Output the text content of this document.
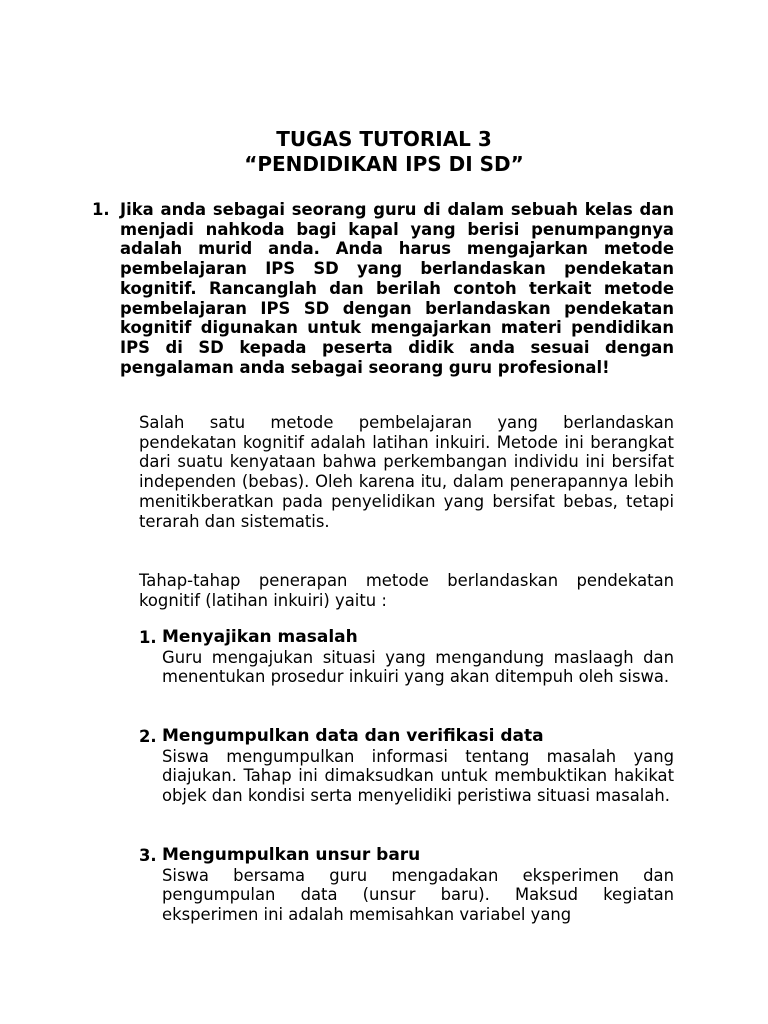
TUGAS TUTORIAL 3
“PENDIDIKAN IPS DI SD”
1. Jika anda sebagai seorang guru di dalam sebuah kelas dan menjadi nahkoda bagi kapal yang berisi penumpangnya adalah murid anda. Anda harus mengajarkan metode pembelajaran IPS SD yang berlandaskan pendekatan kognitif. Rancanglah dan berilah contoh terkait metode pembelajaran IPS SD dengan berlandaskan pendekatan kognitif digunakan untuk mengajarkan materi pendidikan IPS di SD kepada peserta didik anda sesuai dengan pengalaman anda sebagai seorang guru profesional!

Salah satu metode pembelajaran yang berlandaskan pendekatan kognitif adalah latihan inkuiri. Metode ini berangkat dari suatu kenyataan bahwa perkembangan individu ini bersifat independen (bebas). Oleh karena itu, dalam penerapannya lebih menitikberatkan pada penyelidikan yang bersifat bebas, tetapi terarah dan sistematis.

Tahap-tahap penerapan metode berlandaskan pendekatan kognitif (latihan inkuiri) yaitu :

1. Menyajikan masalah
Guru mengajukan situasi yang mengandung maslaagh dan menentukan prosedur inkuiri yang akan ditempuh oleh siswa.
2. Mengumpulkan data dan verifikasi data
Siswa mengumpulkan informasi tentang masalah yang diajukan. Tahap ini dimaksudkan untuk membuktikan hakikat objek dan kondisi serta menyelidiki peristiwa situasi masalah.
3. Mengumpulkan unsur baru
Siswa bersama guru mengadakan eksperimen dan pengumpulan data (unsur baru). Maksud kegiatan eksperimen ini adalah memisahkan variabel yang
